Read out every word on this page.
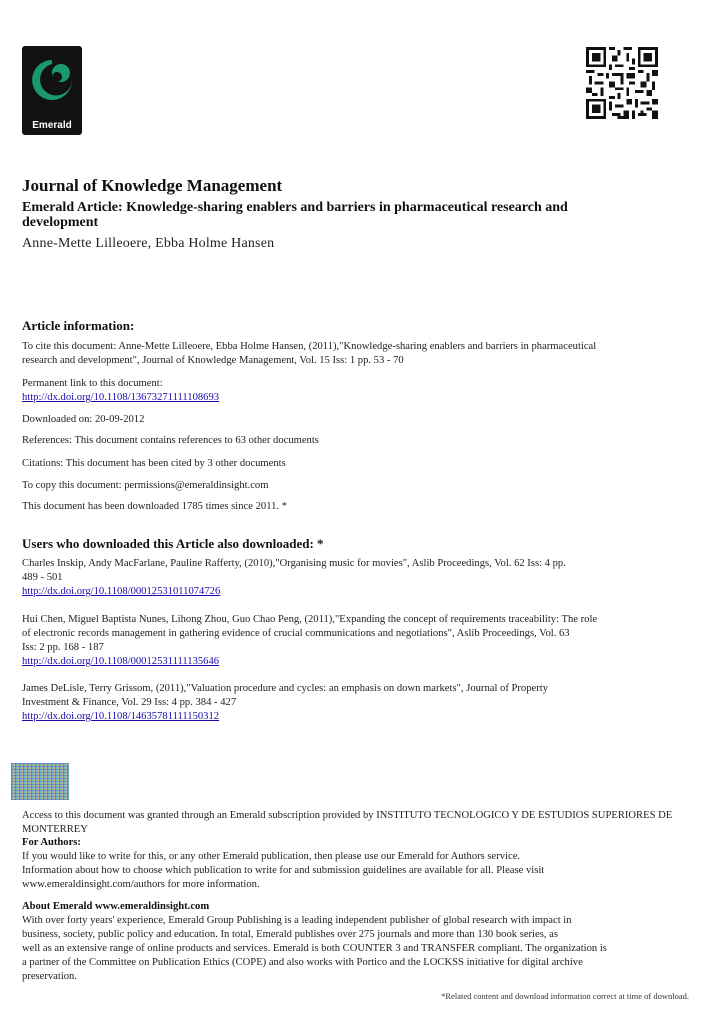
Emerald
Journal of Knowledge Management
Emerald Article: Knowledge-sharing enablers and barriers in pharmaceutical research and development
Anne-Mette Lilleoere, Ebba Holme Hansen
Article information:
To cite this document: Anne-Mette Lilleoere, Ebba Holme Hansen, (2011),"Knowledge-sharing enablers and barriers in pharmaceutical
research and development", Journal of Knowledge Management, Vol. 15 Iss: 1 pp. 53 - 70
Permanent link to this document:
http://dx.doi.org/10.1108/13673271111108693
Downloaded on: 20-09-2012
References: This document contains references to 63 other documents
Citations: This document has been cited by 3 other documents
To copy this document: permissions@emeraldinsight.com
This document has been downloaded 1785 times since 2011. *
Users who downloaded this Article also downloaded: *
Charles Inskip, Andy MacFarlane, Pauline Rafferty, (2010),"Organising music for movies", Aslib Proceedings, Vol. 62 Iss: 4 pp.
489 - 501
http://dx.doi.org/10.1108/00012531011074726
Hui Chen, Miguel Baptista Nunes, Lihong Zhou, Guo Chao Peng, (2011),"Expanding the concept of requirements traceability: The role
of electronic records management in gathering evidence of crucial communications and negotiations", Aslib Proceedings, Vol. 63
Iss: 2 pp. 168 - 187
http://dx.doi.org/10.1108/00012531111135646
James DeLisle, Terry Grissom, (2011),"Valuation procedure and cycles: an emphasis on down markets", Journal of Property
Investment & Finance, Vol. 29 Iss: 4 pp. 384 - 427
http://dx.doi.org/10.1108/14635781111150312
Access to this document was granted through an Emerald subscription provided by INSTITUTO TECNOLOGICO Y DE ESTUDIOS SUPERIORES DE
MONTERREY
For Authors:
If you would like to write for this, or any other Emerald publication, then please use our Emerald for Authors service.
Information about how to choose which publication to write for and submission guidelines are available for all. Please visit
www.emeraldinsight.com/authors for more information.
About Emerald www.emeraldinsight.com
With over forty years' experience, Emerald Group Publishing is a leading independent publisher of global research with impact in
business, society, public policy and education. In total, Emerald publishes over 275 journals and more than 130 book series, as
well as an extensive range of online products and services. Emerald is both COUNTER 3 and TRANSFER compliant. The organization is
a partner of the Committee on Publication Ethics (COPE) and also works with Portico and the LOCKSS initiative for digital archive
preservation.
*Related content and download information correct at time of download.
